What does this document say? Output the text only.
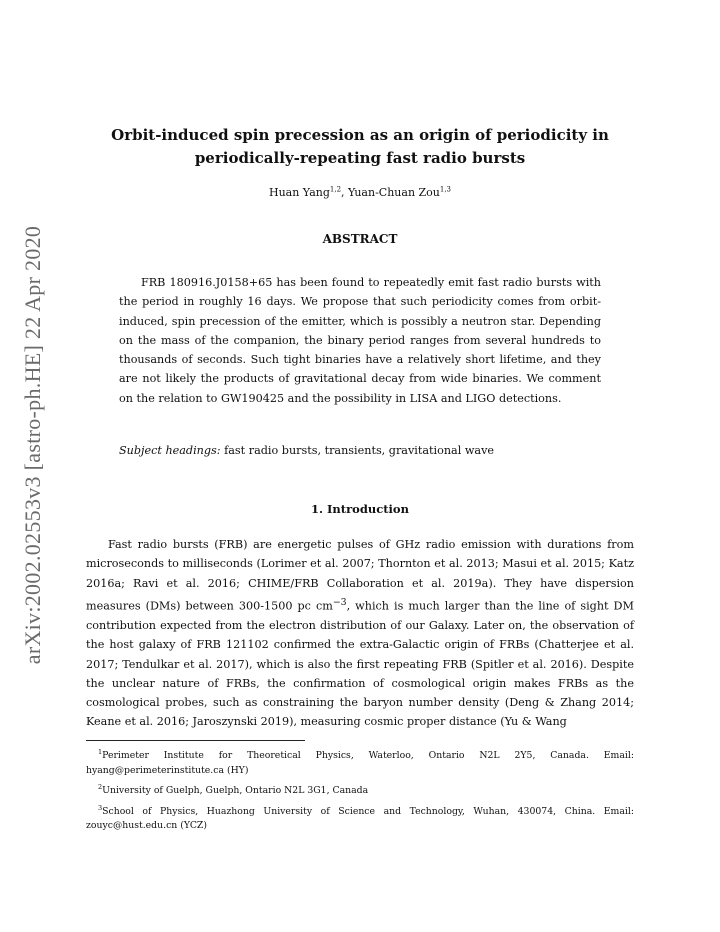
arXiv:2002.02553v3 [astro-ph.HE] 22 Apr 2020
Orbit-induced spin precession as an origin of periodicity in
periodically-repeating fast radio bursts
Huan Yang$^{1,2}$, Yuan-Chuan Zou$^{1,3}$
ABSTRACT
FRB 180916.J0158+65 has been found to repeatedly emit fast radio bursts with the period in roughly 16 days. We propose that such periodicity comes from orbit-induced, spin precession of the emitter, which is possibly a neutron star. Depending on the mass of the companion, the binary period ranges from several hundreds to thousands of seconds. Such tight binaries have a relatively short lifetime, and they are not likely the products of gravitational decay from wide binaries. We comment on the relation to GW190425 and the possibility in LISA and LIGO detections.
Subject headings: fast radio bursts, transients, gravitational wave
1. Introduction
Fast radio bursts (FRB) are energetic pulses of GHz radio emission with durations from microseconds to milliseconds (Lorimer et al. 2007; Thornton et al. 2013; Masui et al. 2015; Katz 2016a; Ravi et al. 2016; CHIME/FRB Collaboration et al. 2019a). They have dispersion measures (DMs) between 300-1500 pc $cm^{-3}$, which is much larger than the line of sight DM contribution expected from the electron distribution of our Galaxy. Later on, the observation of the host galaxy of FRB 121102 confirmed the extra-Galactic origin of FRBs (Chatterjee et al. 2017; Tendulkar et al. 2017), which is also the first repeating FRB (Spitler et al. 2016). Despite the unclear nature of FRBs, the confirmation of cosmological origin makes FRBs as the cosmological probes, such as constraining the baryon number density (Deng & Zhang 2014; Keane et al. 2016; Jaroszynski 2019), measuring cosmic proper distance (Yu & Wang
$^1$Perimeter Institute for Theoretical Physics, Waterloo, Ontario N2L 2Y5, Canada. Email: hyang@perimeterinstitute.ca (HY)
$^2$University of Guelph, Guelph, Ontario N2L 3G1, Canada
$^3$School of Physics, Huazhong University of Science and Technology, Wuhan, 430074, China. Email: zouyc@hust.edu.cn (YCZ)
